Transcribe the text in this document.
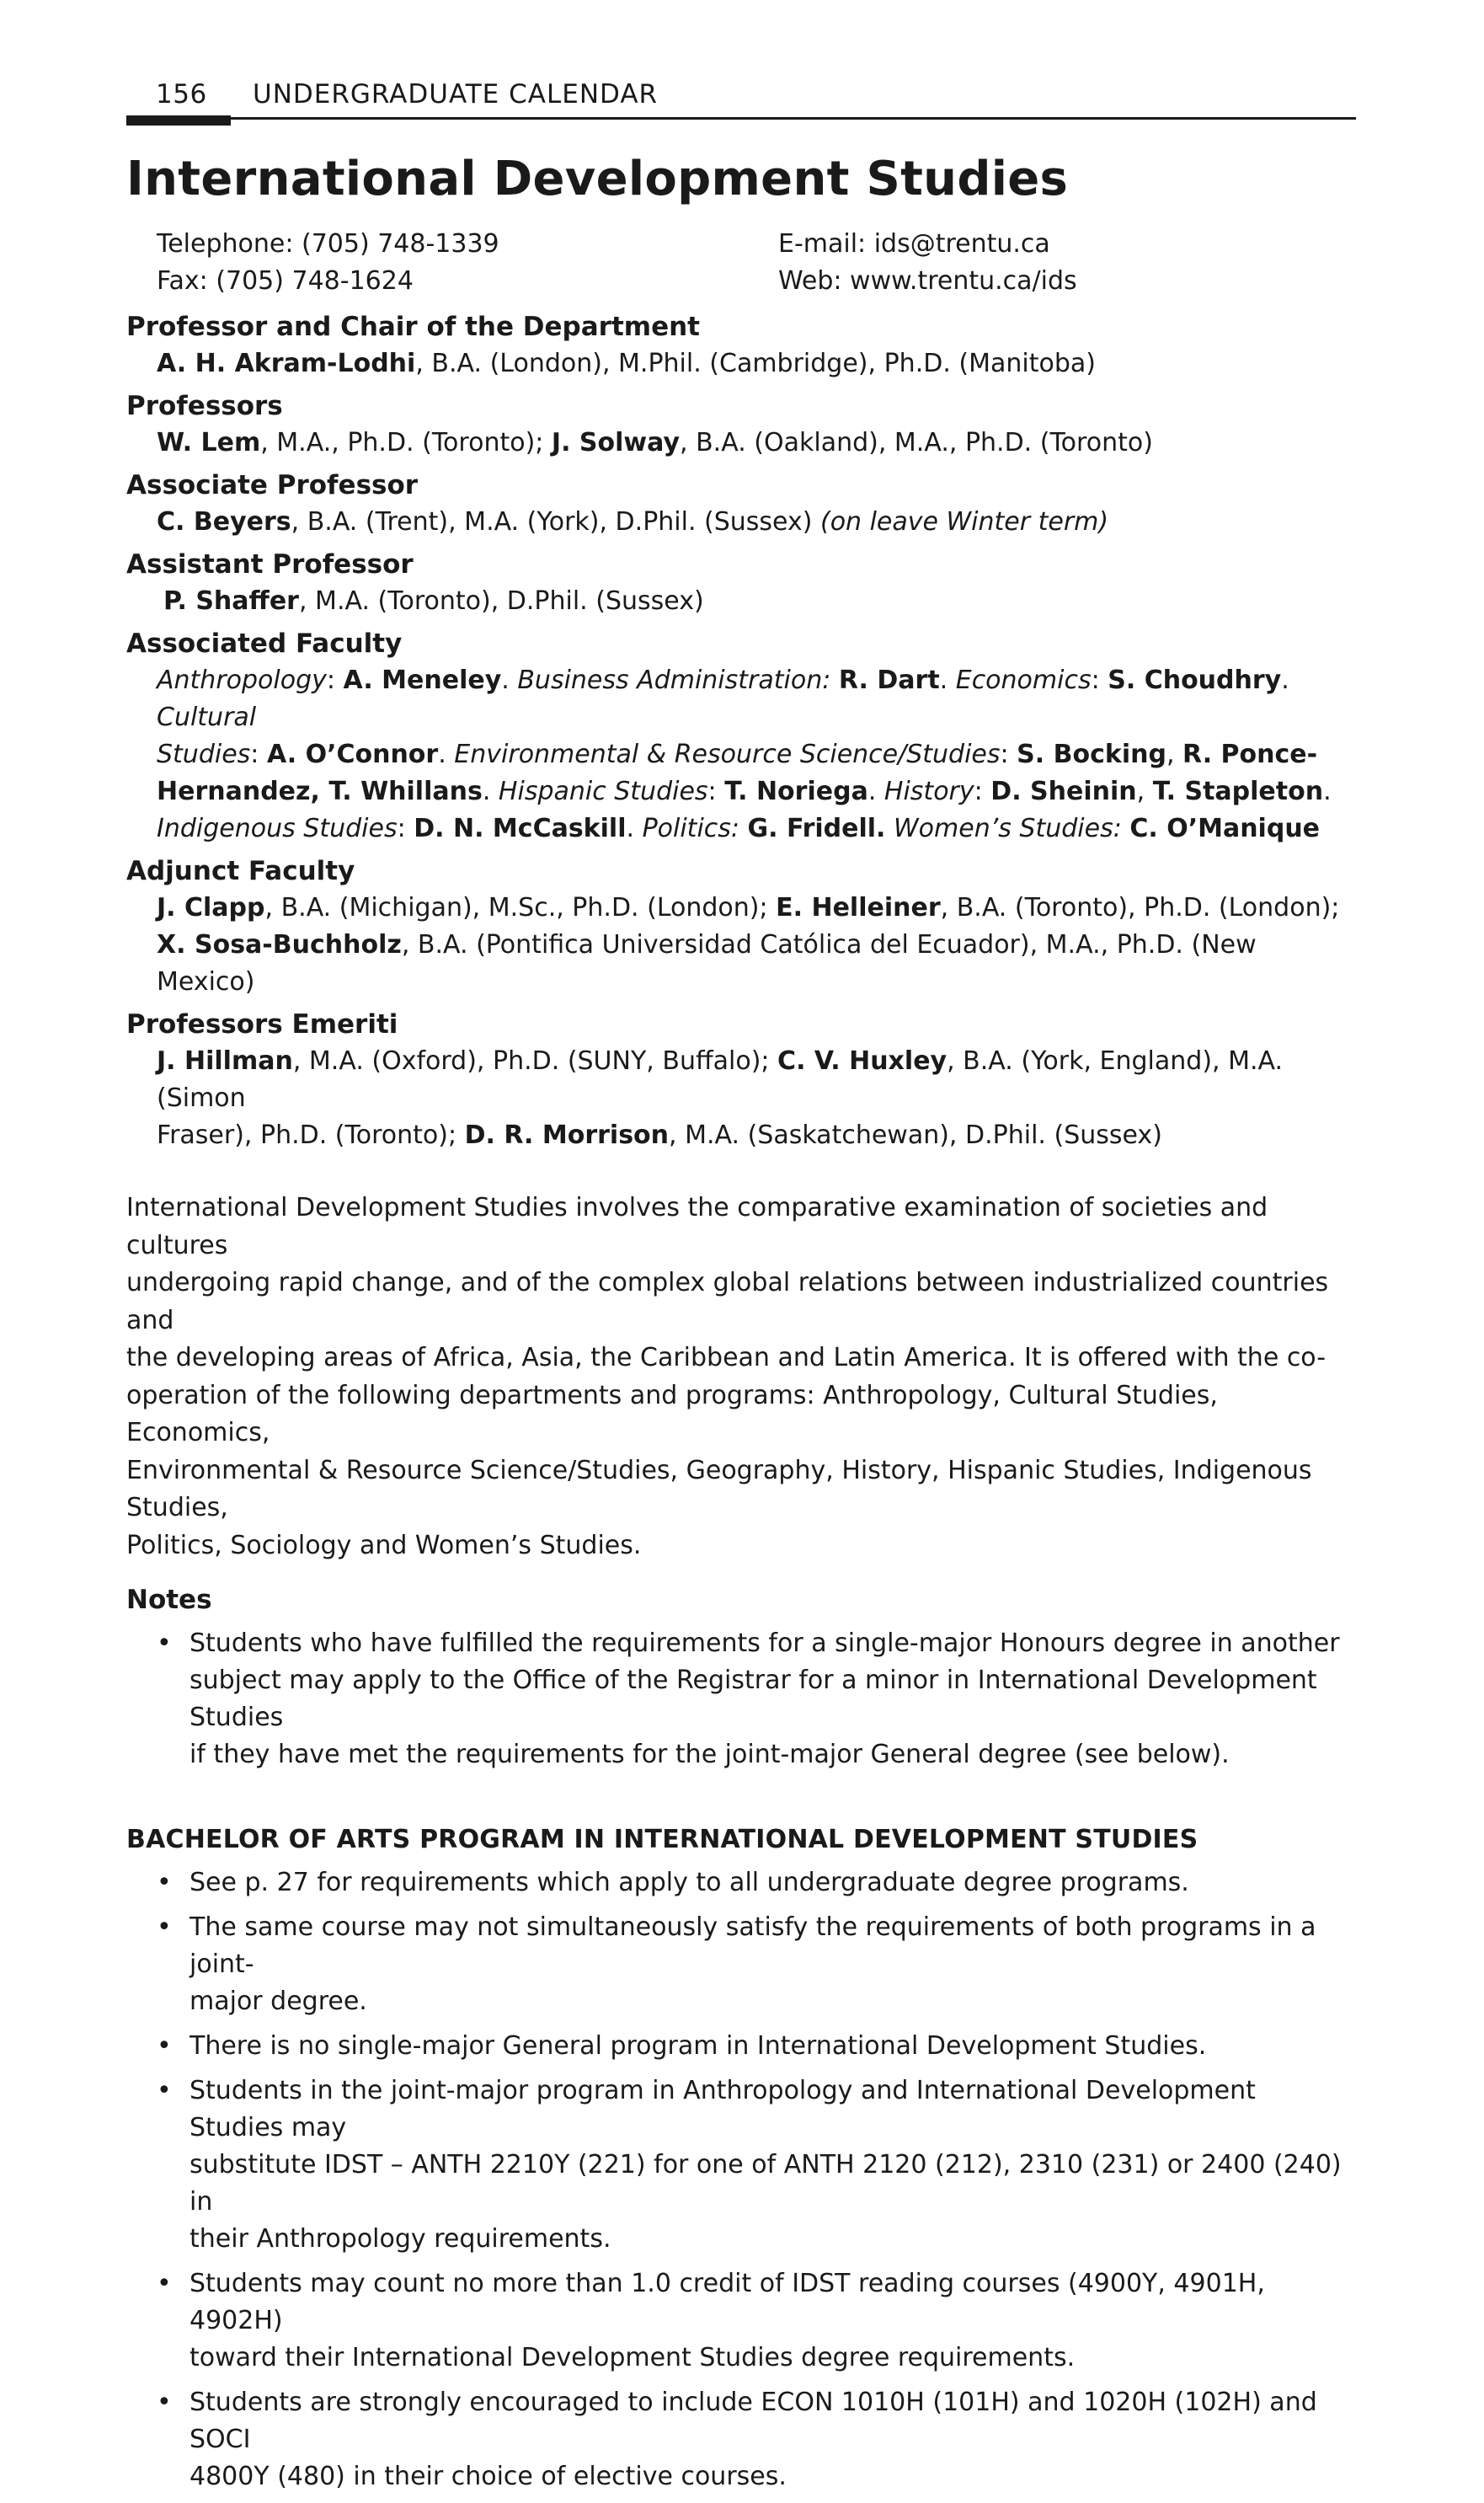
156 UNDERGRADUATE CALENDAR
International Development Studies
Telephone: (705) 748-1339
Fax: (705) 748-1624
E-mail: ids@trentu.ca
Web: www.trentu.ca/ids
Professor and Chair of the Department
A. H. Akram-Lodhi, B.A. (London), M.Phil. (Cambridge), Ph.D. (Manitoba)
Professors
W. Lem, M.A., Ph.D. (Toronto); J. Solway, B.A. (Oakland), M.A., Ph.D. (Toronto)
Associate Professor
C. Beyers, B.A. (Trent), M.A. (York), D.Phil. (Sussex) (on leave Winter term)
Assistant Professor
P. Shaffer, M.A. (Toronto), D.Phil. (Sussex)
Associated Faculty
Anthropology: A. Meneley. Business Administration: R. Dart. Economics: S. Choudhry. Cultural
Studies: A. O’Connor. Environmental & Resource Science/Studies: S. Bocking, R. Ponce-
Hernandez, T. Whillans. Hispanic Studies: T. Noriega. History: D. Sheinin, T. Stapleton.
Indigenous Studies: D. N. McCaskill. Politics: G. Fridell. Women’s Studies: C. O’Manique
Adjunct Faculty
J. Clapp, B.A. (Michigan), M.Sc., Ph.D. (London); E. Helleiner, B.A. (Toronto), Ph.D. (London);
X. Sosa-Buchholz, B.A. (Pontifica Universidad Católica del Ecuador), M.A., Ph.D. (New Mexico)
Professors Emeriti
J. Hillman, M.A. (Oxford), Ph.D. (SUNY, Buffalo); C. V. Huxley, B.A. (York, England), M.A. (Simon
Fraser), Ph.D. (Toronto); D. R. Morrison, M.A. (Saskatchewan), D.Phil. (Sussex)
International Development Studies involves the comparative examination of societies and cultures
undergoing rapid change, and of the complex global relations between industrialized countries and
the developing areas of Africa, Asia, the Caribbean and Latin America. It is offered with the co-
operation of the following departments and programs: Anthropology, Cultural Studies, Economics,
Environmental & Resource Science/Studies, Geography, History, Hispanic Studies, Indigenous Studies,
Politics, Sociology and Women’s Studies.
Notes
• Students who have fulfilled the requirements for a single-major Honours degree in another
subject may apply to the Office of the Registrar for a minor in International Development Studies
if they have met the requirements for the joint-major General degree (see below).
BACHELOR OF ARTS PROGRAM IN INTERNATIONAL DEVELOPMENT STUDIES
• See p. 27 for requirements which apply to all undergraduate degree programs.
• The same course may not simultaneously satisfy the requirements of both programs in a joint-
major degree.
• There is no single-major General program in International Development Studies.
• Students in the joint-major program in Anthropology and International Development Studies may
substitute IDST – ANTH 2210Y (221) for one of ANTH 2120 (212), 2310 (231) or 2400 (240) in
their Anthropology requirements.
• Students may count no more than 1.0 credit of IDST reading courses (4900Y, 4901H, 4902H)
toward their International Development Studies degree requirements.
• Students are strongly encouraged to include ECON 1010H (101H) and 1020H (102H) and SOCI
4800Y (480) in their choice of elective courses.
